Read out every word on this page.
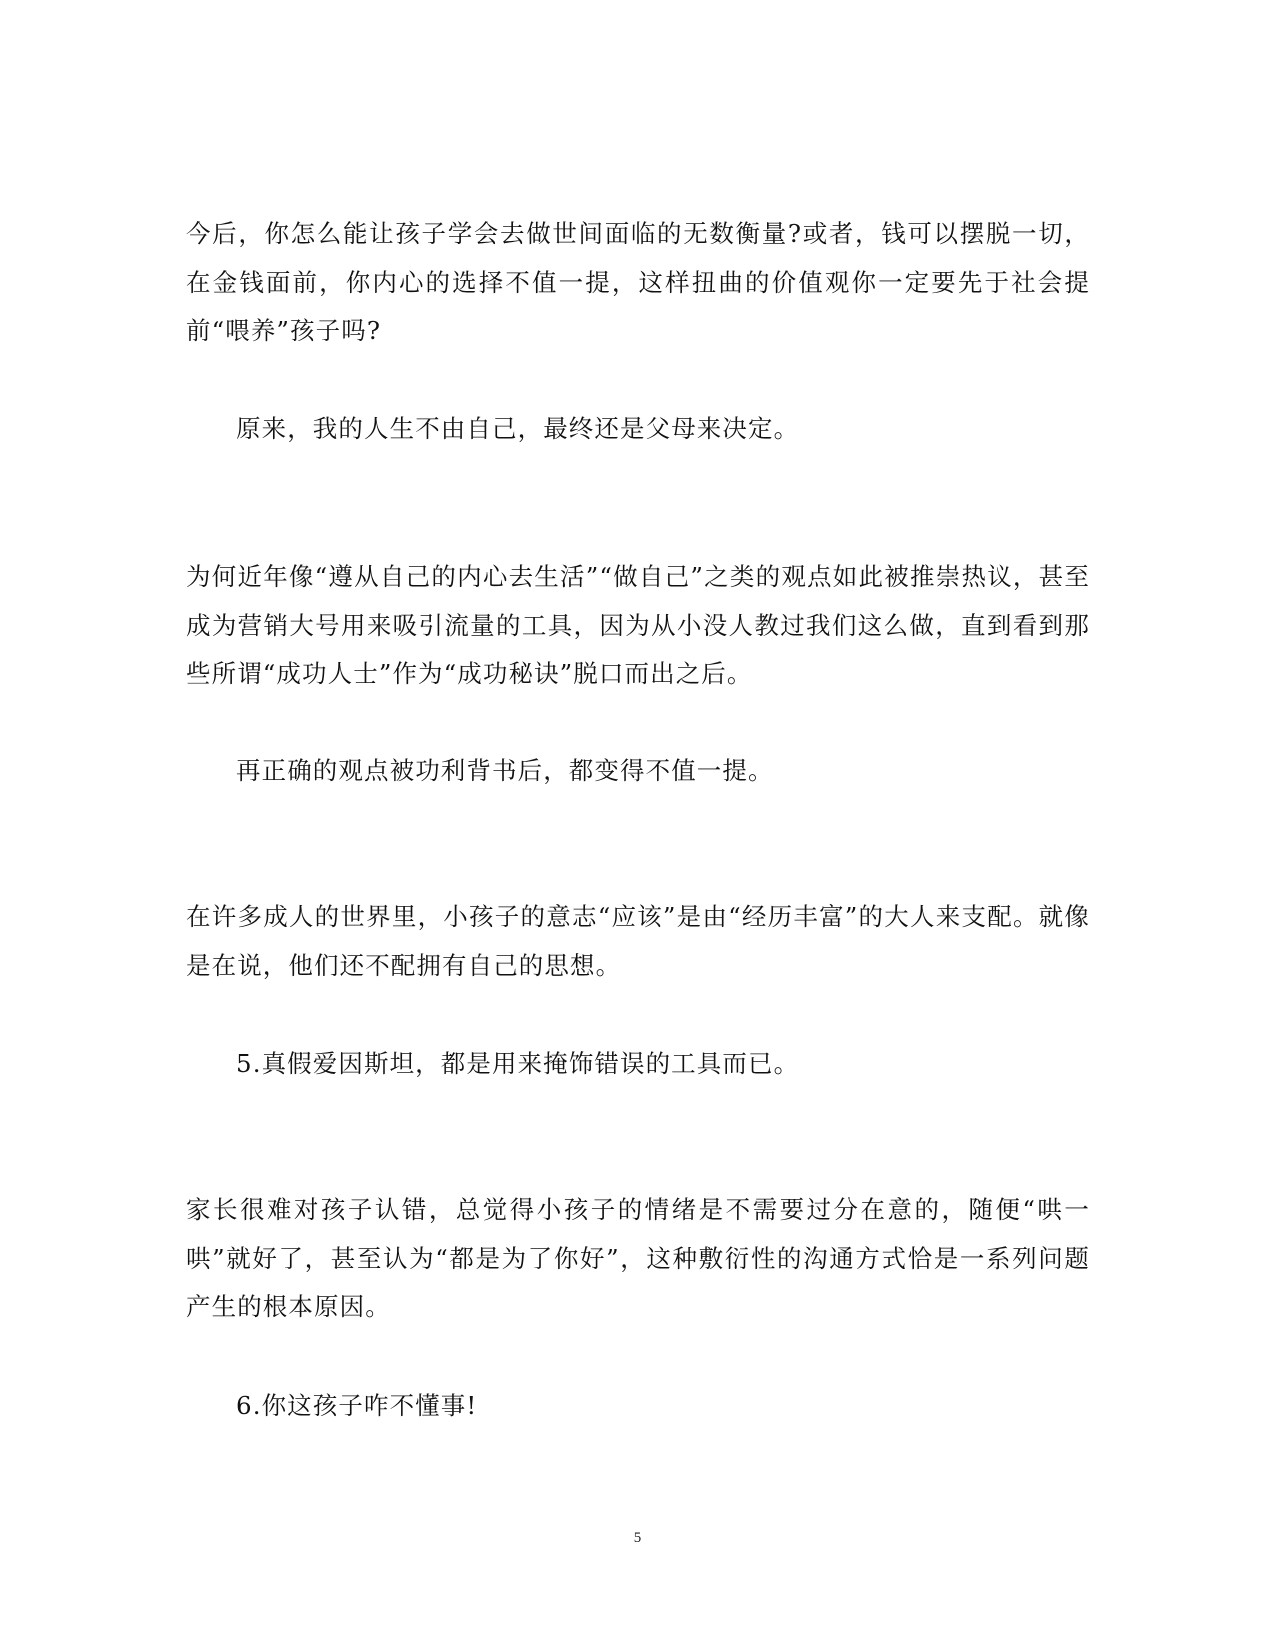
今后，你怎么能让孩子学会去做世间面临的无数衡量?或者，钱可以摆脱一切，在金钱面前，你内心的选择不值一提，这样扭曲的价值观你一定要先于社会提前“喂养”孩子吗?

原来，我的人生不由自己，最终还是父母来决定。

为何近年像“遵从自己的内心去生活”“做自己”之类的观点如此被推崇热议，甚至成为营销大号用来吸引流量的工具，因为从小没人教过我们这么做，直到看到那些所谓“成功人士”作为“成功秘诀”脱口而出之后。

再正确的观点被功利背书后，都变得不值一提。

在许多成人的世界里，小孩子的意志“应该”是由“经历丰富”的大人来支配。就像是在说，他们还不配拥有自己的思想。

5.真假爱因斯坦，都是用来掩饰错误的工具而已。

家长很难对孩子认错，总觉得小孩子的情绪是不需要过分在意的，随便“哄一哄”就好了，甚至认为“都是为了你好”，这种敷衍性的沟通方式恰是一系列问题产生的根本原因。

6.你这孩子咋不懂事!

5
